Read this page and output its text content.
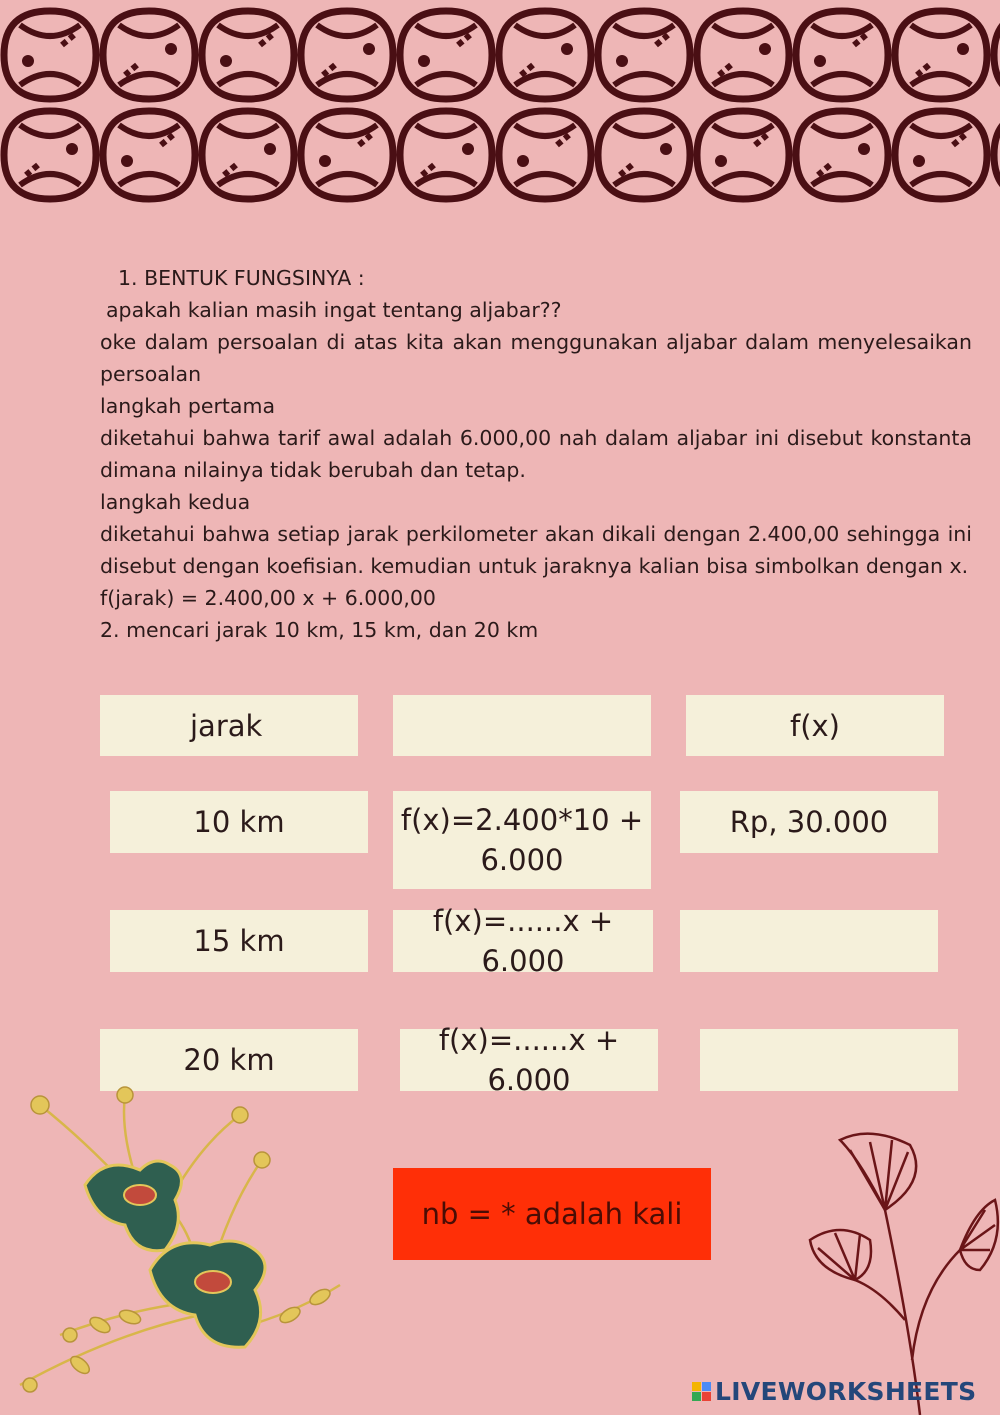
1. BENTUK FUNGSINYA :

apakah kalian masih ingat tentang aljabar??

oke dalam persoalan di atas kita akan menggunakan aljabar dalam menyelesaikan persoalan

langkah pertama

diketahui bahwa tarif awal adalah 6.000,00 nah dalam aljabar ini disebut konstanta dimana nilainya tidak berubah dan tetap.

langkah kedua

diketahui bahwa setiap jarak perkilometer akan dikali dengan 2.400,00 sehingga ini disebut dengan koefisian. kemudian untuk jaraknya kalian bisa simbolkan dengan x.

f(jarak) = 2.400,00 x + 6.000,00

2. mencari jarak 10 km, 15 km, dan 20 km

jarak	f(x)
10 km	f(x)=2.400*10 +
6.000
Rp, 30.000
15 km
f(x)=......x + 6.000
20 km
f(x)=......x + 6.000
nb = * adalah kali
LIVEWORKSHEETS
